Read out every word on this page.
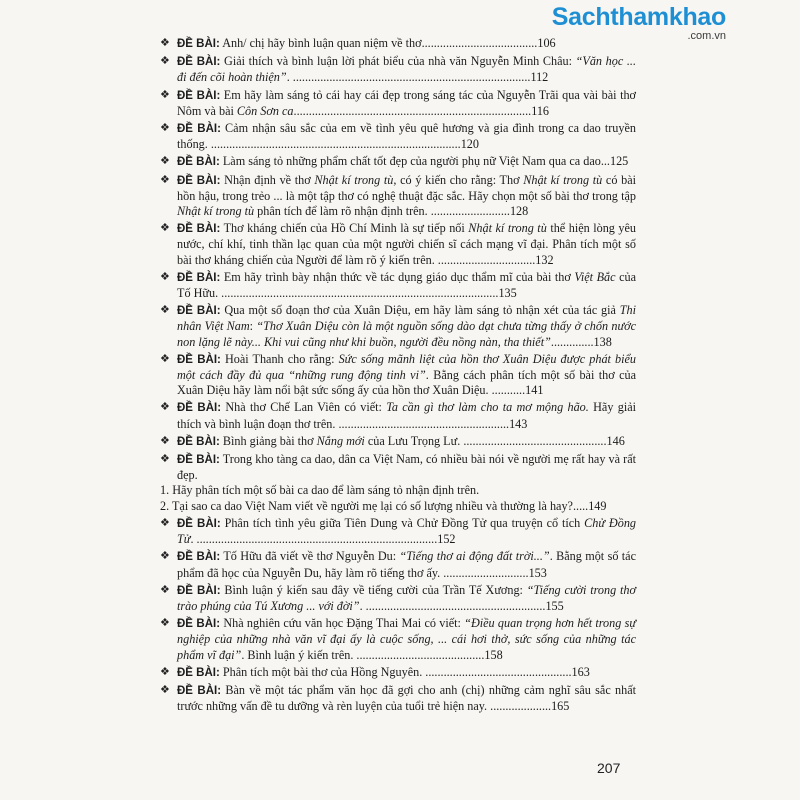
Sachthamkhao
.com.vn
❖ ĐỀ BÀI: Anh/ chị hãy bình luận quan niệm về thơ......................................106
❖ ĐỀ BÀI: Giải thích và bình luận lời phát biểu của nhà văn Nguyễn Minh Châu: “Văn học ... đi đến cõi hoàn thiện”. ..............................................................................112
❖ ĐỀ BÀI: Em hãy làm sáng tỏ cái hay cái đẹp trong sáng tác của Nguyễn Trãi qua vài bài thơ Nôm và bài Côn Sơn ca..............................................................................116
❖ ĐỀ BÀI: Cảm nhận sâu sắc của em về tình yêu quê hương và gia đình trong ca dao truyền thống. ..................................................................................120
❖ ĐỀ BÀI: Làm sáng tỏ những phẩm chất tốt đẹp của người phụ nữ Việt Nam qua ca dao...125
❖ ĐỀ BÀI: Nhận định về thơ Nhật kí trong tù, có ý kiến cho rằng: Thơ Nhật kí trong tù có bài hồn hậu, trong trẻo ... là một tập thơ có nghệ thuật đặc sắc. Hãy chọn một số bài thơ trong tập Nhật kí trong tù phân tích để làm rõ nhận định trên. ..........................128
❖ ĐỀ BÀI: Thơ kháng chiến của Hồ Chí Minh là sự tiếp nối Nhật kí trong tù thể hiện lòng yêu nước, chí khí, tinh thần lạc quan của một người chiến sĩ cách mạng vĩ đại. Phân tích một số bài thơ kháng chiến của Người để làm rõ ý kiến trên. ................................132
❖ ĐỀ BÀI: Em hãy trình bày nhận thức về tác dụng giáo dục thẩm mĩ của bài thơ Việt Bắc của Tố Hữu. ...........................................................................................135
❖ ĐỀ BÀI: Qua một số đoạn thơ của Xuân Diệu, em hãy làm sáng tỏ nhận xét của tác giả Thi nhân Việt Nam: “Thơ Xuân Diệu còn là một nguồn sống dào dạt chưa từng thấy ở chốn nước non lặng lẽ này... Khi vui cũng như khi buồn, người đều nồng nàn, tha thiết”..............138
❖ ĐỀ BÀI: Hoài Thanh cho rằng: Sức sống mãnh liệt của hồn thơ Xuân Diệu được phát biểu một cách đầy đủ qua “những rung động tinh vi”. Bằng cách phân tích một số bài thơ của Xuân Diệu hãy làm nổi bật sức sống ấy của hồn thơ Xuân Diệu. ...........141
❖ ĐỀ BÀI: Nhà thơ Chế Lan Viên có viết: Ta cần gì thơ làm cho ta mơ mộng hão. Hãy giải thích và bình luận đoạn thơ trên. ........................................................143
❖ ĐỀ BÀI: Bình giảng bài thơ Nắng mới của Lưu Trọng Lư. ...............................................146
❖ ĐỀ BÀI: Trong kho tàng ca dao, dân ca Việt Nam, có nhiều bài nói về người mẹ rất hay và rất đẹp.
1. Hãy phân tích một số bài ca dao để làm sáng tỏ nhận định trên.
2. Tại sao ca dao Việt Nam viết về người mẹ lại có số lượng nhiều và thường là hay?.....149
❖ ĐỀ BÀI: Phân tích tình yêu giữa Tiên Dung và Chử Đồng Tử qua truyện cổ tích Chử Đồng Tử. ...............................................................................152
❖ ĐỀ BÀI: Tố Hữu đã viết về thơ Nguyễn Du: “Tiếng thơ ai động đất trời...”. Bằng một số tác phẩm đã học của Nguyễn Du, hãy làm rõ tiếng thơ ấy. ............................153
❖ ĐỀ BÀI: Bình luận ý kiến sau đây về tiếng cười của Trần Tế Xương: “Tiếng cười trong thơ trào phúng của Tú Xương ... với đời”. ...........................................................155
❖ ĐỀ BÀI: Nhà nghiên cứu văn học Đặng Thai Mai có viết: “Điều quan trọng hơn hết trong sự nghiệp của những nhà văn vĩ đại ấy là cuộc sống, ... cái hơi thở, sức sống của những tác phẩm vĩ đại”. Bình luận ý kiến trên. ..........................................158
❖ ĐỀ BÀI: Phân tích một bài thơ của Hồng Nguyên. ................................................163
❖ ĐỀ BÀI: Bàn về một tác phẩm văn học đã gợi cho anh (chị) những cảm nghĩ sâu sắc nhất trước những vấn đề tu dưỡng và rèn luyện của tuổi trẻ hiện nay. ....................165
207
